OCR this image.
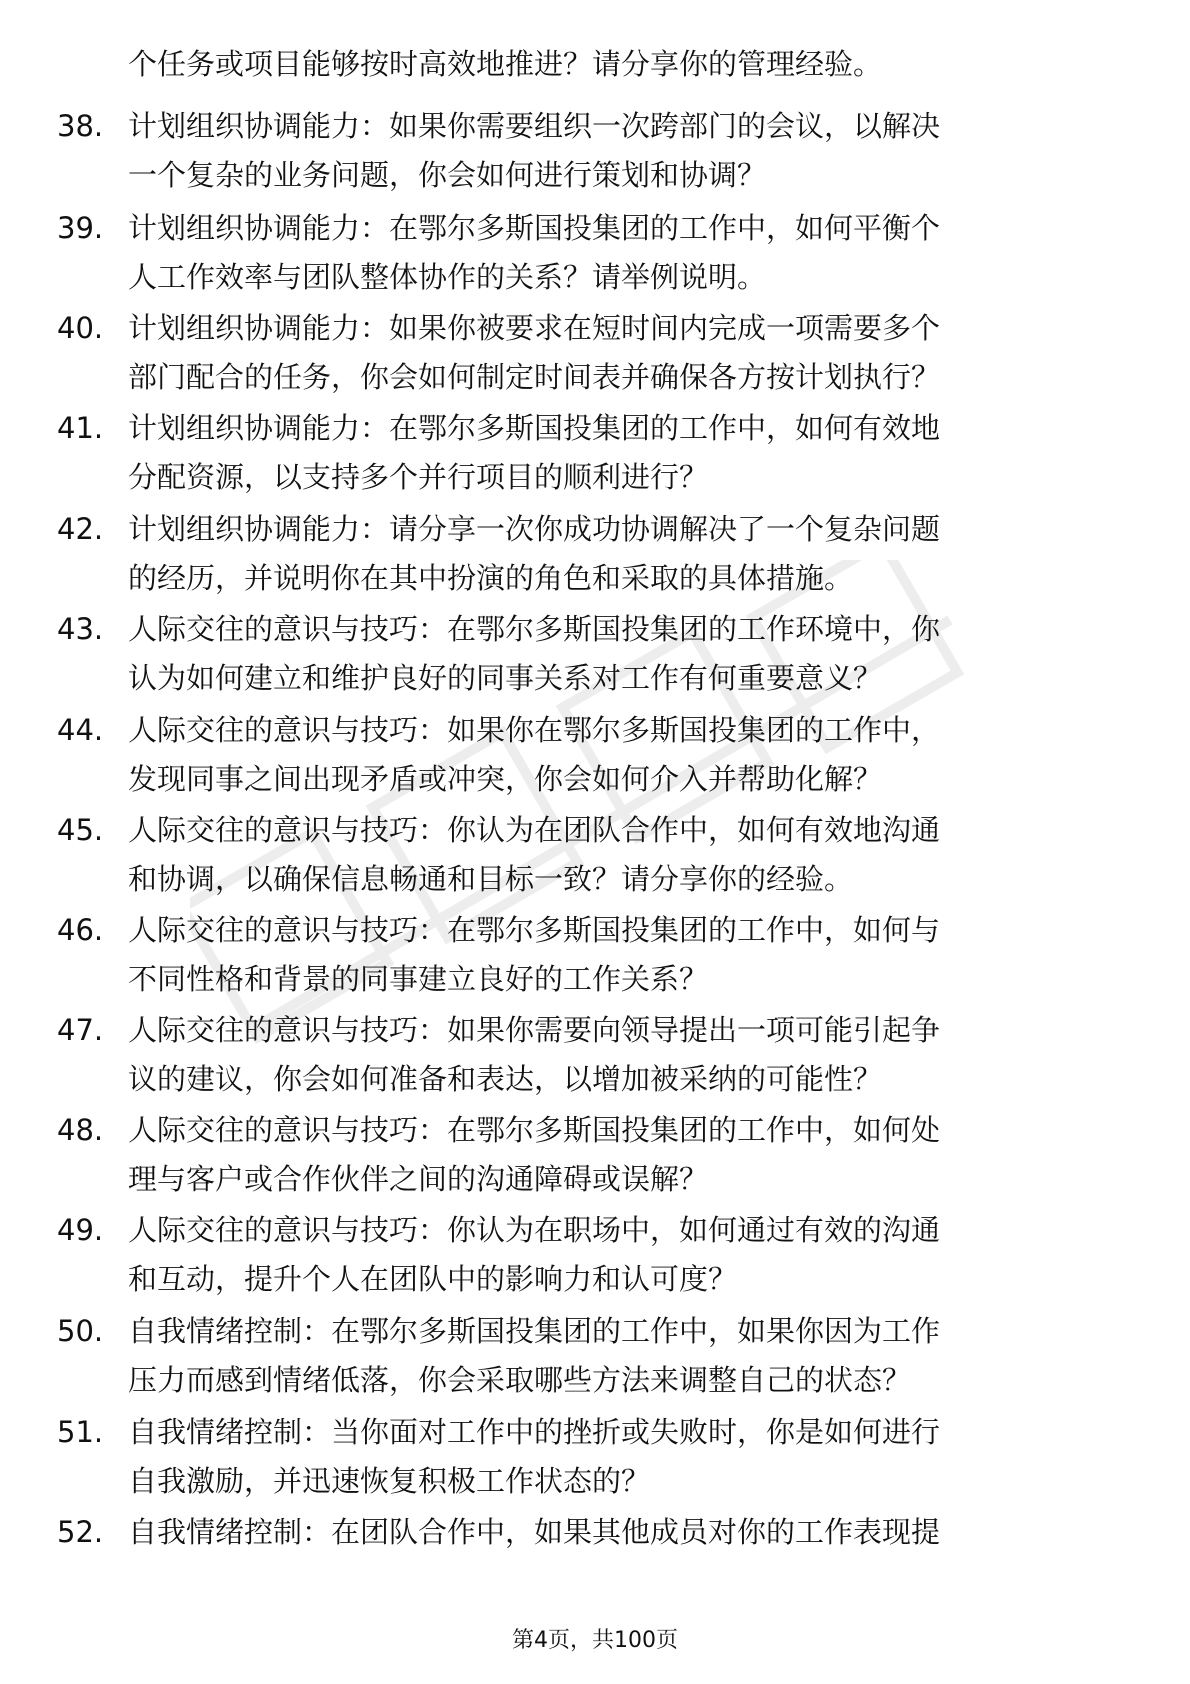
个任务或项目能够按时高效地推进？请分享你的管理经验。
38. 计划组织协调能力：如果你需要组织一次跨部门的会议，以解决
一个复杂的业务问题，你会如何进行策划和协调？
39. 计划组织协调能力：在鄂尔多斯国投集团的工作中，如何平衡个
人工作效率与团队整体协作的关系？请举例说明。
40. 计划组织协调能力：如果你被要求在短时间内完成一项需要多个
部门配合的任务，你会如何制定时间表并确保各方按计划执行？
41. 计划组织协调能力：在鄂尔多斯国投集团的工作中，如何有效地
分配资源，以支持多个并行项目的顺利进行？
42. 计划组织协调能力：请分享一次你成功协调解决了一个复杂问题
的经历，并说明你在其中扮演的角色和采取的具体措施。
43. 人际交往的意识与技巧：在鄂尔多斯国投集团的工作环境中，你
认为如何建立和维护良好的同事关系对工作有何重要意义？
44. 人际交往的意识与技巧：如果你在鄂尔多斯国投集团的工作中，
发现同事之间出现矛盾或冲突，你会如何介入并帮助化解？
45. 人际交往的意识与技巧：你认为在团队合作中，如何有效地沟通
和协调，以确保信息畅通和目标一致？请分享你的经验。
46. 人际交往的意识与技巧：在鄂尔多斯国投集团的工作中，如何与
不同性格和背景的同事建立良好的工作关系？
47. 人际交往的意识与技巧：如果你需要向领导提出一项可能引起争
议的建议，你会如何准备和表达，以增加被采纳的可能性？
48. 人际交往的意识与技巧：在鄂尔多斯国投集团的工作中，如何处
理与客户或合作伙伴之间的沟通障碍或误解？
49. 人际交往的意识与技巧：你认为在职场中，如何通过有效的沟通
和互动，提升个人在团队中的影响力和认可度？
50. 自我情绪控制：在鄂尔多斯国投集团的工作中，如果你因为工作
压力而感到情绪低落，你会采取哪些方法来调整自己的状态？
51. 自我情绪控制：当你面对工作中的挫折或失败时，你是如何进行
自我激励，并迅速恢复积极工作状态的？
52. 自我情绪控制：在团队合作中，如果其他成员对你的工作表现提
第4页，共100页
